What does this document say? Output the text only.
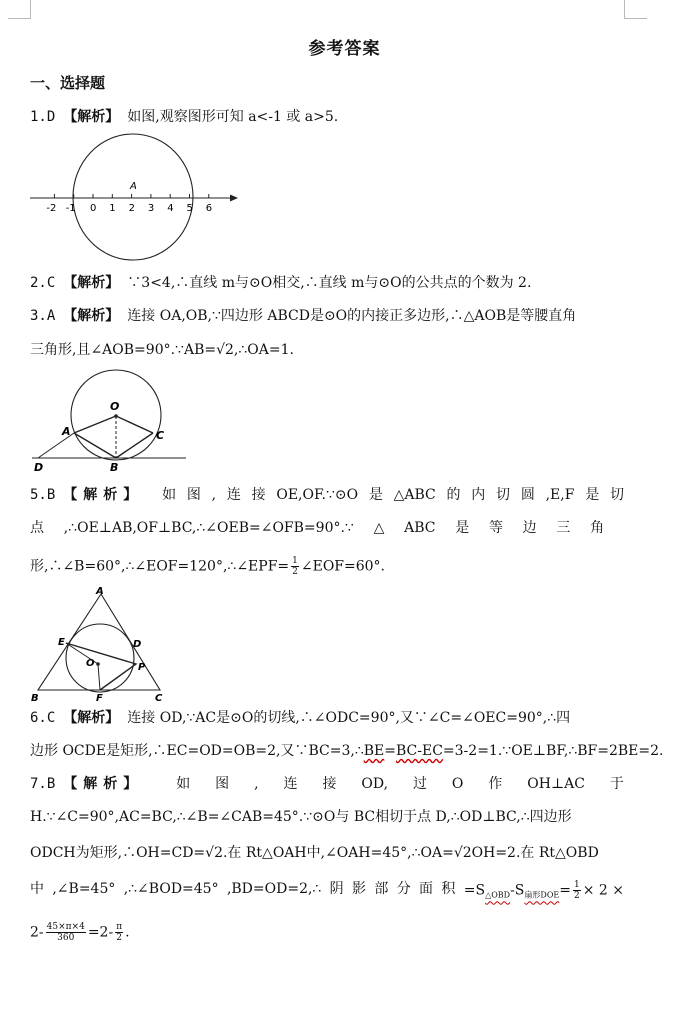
参考答案
一、选择题
1.D 【解析】 如图,观察图形可知 a<-1 或 a>5.
-2 -1 0 1 2 3 4 5 6
A
2.C 【解析】 ∵3<4,∴直线 m与⊙O相交,∴直线 m与⊙O的公共点的个数为 2.
3.A 【解析】 连接 OA,OB,∵四边形 ABCD是⊙O的内接正多边形,∴△AOB是等腰直角
三角形,且∠AOB=90°.∵AB=√2,∴OA=1.
O
A	C
D	B
5.B 【解析】	如 图 , 连 接 OE,OF.∵⊙O 是 △ABC 的 内 切 圆 ,E,F 是 切
点 ,∴OE⊥AB,OF⊥BC,∴∠OEB=∠OFB=90°.∵ △ ABC 是 等 边 三 角
形,∴∠B=60°,∴∠EOF=120°,∴∠EPF= $\frac{1}{2}$ ∠EOF=60°.
A
E	D
O	P
B	F	C
6.C 【解析】 连接 OD,∵AC是⊙O的切线,∴∠ODC=90°,又∵∠C=∠OEC=90°,∴四
边形 OCDE是矩形,∴EC=OD=OB=2,又∵BC=3,∴BE=BC-EC=3-2=1.∵OE⊥BF,∴BF=2BE=2.
7.B 【解析】	如 图 , 连 接 OD, 过 O 作 OH⊥AC 于
H.∵∠C=90°,AC=BC,∴∠B=∠CAB=45°.∵⊙O与 BC相切于点 D,∴OD⊥BC,∴四边形
ODCH为矩形,∴OH=CD=√2.在 Rt△OAH中,∠OAH=45°,∴OA=√2OH=2.在 Rt△OBD
中 ,∠B=45° ,∴∠BOD=45° ,BD=OD=2,∴ 阴 影 部 分 面 积 $=S_{\triangle OBD}-S_{扇形DOE}= \frac{1}{2} \times 2$ ×
$2- \frac{45\times\pi\times 4}{360} =2- \frac{\pi}{2}$ .
